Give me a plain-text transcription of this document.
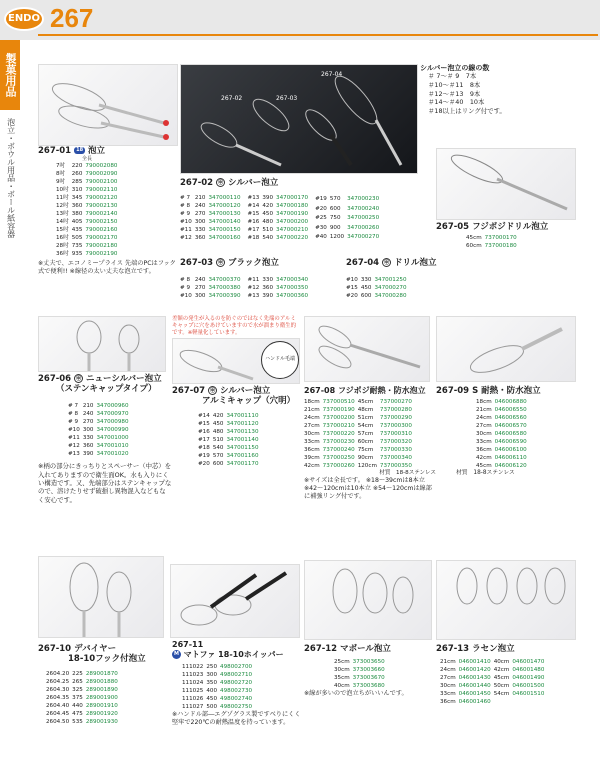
ENDO 267
製菓用品
泡立・ボウル用品・ボール紙容器
267-02	267-03
267-04
差額の発生が入るのを防ぐのではなく先端のアルミキャップに穴をあけていますので水が溜まり衛生的です。※軽量化しています。
ハンドル毛端
267-01 18 泡立
全長
7吋	220	790002080
8吋	260	790002090
9吋	285	790002100
10吋	310	790002110
11吋	345	790002120
12吋	360	790002130
13吋	380	790002140
14吋	405	790002150
15吋	435	790002160
16吋	505	790002170
28吋	735	790002180
36吋	935	790002190
※丈夫で、エコノミープライス 先端のPCはフック式で便利!! ※線径の太い丈夫な泡立です。
シルバー泡立の線の数
＃ 7〜＃ 9　7本
＃10〜＃11　8本
＃12〜＃13　9本
＃14〜＃40　10本
＃18以上はリング付です。
267-02 ㊥ シルバー泡立
# 7	210	347000110
# 8	240	347000120
# 9	270	347000130
#10	300	347000140
#11	330	347000150
#12	360	347000160
#13	390	347000170
#14	420	347000180
#15	450	347000190
#16	480	347000200
#17	510	347000210
#18	540	347000220
#19	570	347000230
#20	600	347000240
#25	750	347000250
#30	900	347000260
#40	1200	347000270
267-03 ㊥ ブラック泡立
# 8	240	347000370
# 9	270	347000380
#10	300	347000390
#11	330	347000340
#12	360	347000350
#13	390	347000360
267-04 ㊥ ドリル泡立
#10	330	347001250
#15	450	347000270
#20	600	347000280
267-05 フジポジドリル泡立
45cm	737000170
60cm	737000180
267-06 ㊥ ニューシルバー泡立
（ステンキャップタイプ）
# 7	210	347000960
# 8	240	347000970
# 9	270	347000980
#10	300	347000990
#11	330	347001000
#12	360	347001010
#13	390	347001020
※柄の部分にきっちりとスペーサー（中芯）を入れてありますので衛生面OK。水も入りにくい構造です。又、先端部分はステンキャップなので、溶けたりせず破損し異物混入などもなく安心です。
267-07 ㊥ シルバー泡立
アルミキャップ（穴明）
#14	420	347001110
#15	450	347001120
#16	480	347001130
#17	510	347001140
#18	540	347001150
#19	570	347001160
#20	600	347001170
267-08 フジポジ耐熱・防水泡立
18cm	737000510	45cm	737000270
21cm	737000190	48cm	737000280
24cm	737000200	51cm	737000290
27cm	737000210	54cm	737000300
30cm	737000220	57cm	737000310
33cm	737000230	60cm	737000320
36cm	737000240	75cm	737000330
39cm	737000250	90cm	737000340
42cm	737000260	120cm	737000350
材質　18-8ステンレス
※サイズは全長です。 ※18〜39cmは8本立 ※42〜120cmは10本立 ※54〜120cmは線部に補強リング付です。
267-09 S 耐熱・防水泡立
18cm	046006880
21cm	046006550
24cm	046006560
27cm	046006570
30cm	046006580
33cm	046006590
36cm	046006100
42cm	046006110
45cm	046006120
材質　18-8ステンレス
267-10 デバイヤー
18-10フック付泡立
2604.20	225	289001870
2604.25	265	289001880
2604.30	325	289001890
2604.35	375	289001900
2604.40	440	289001910
2604.45	475	289001920
2604.50	535	289001930
267-11
M マトファ 18-10ホイッパー
111022	250	498002700
111023	300	498002710
111024	350	498002720
111025	400	498002730
111026	450	498002740
111027	500	498002750
※ハンドル部―エグゾグラス製ですべりにくく堅牢で220℃の耐熱温度を持っています。
267-12 マボール泡立
25cm	373003650
30cm	373003660
35cm	373003670
40cm	373003680
※線が多いので泡立ちがいいんです。
267-13 ラセン泡立
21cm	046001410	40cm	046001470
24cm	046001420	42cm	046001480
27cm	046001430	45cm	046001490
30cm	046001440	50cm	046001500
33cm	046001450	54cm	046001510
36cm	046001460		
